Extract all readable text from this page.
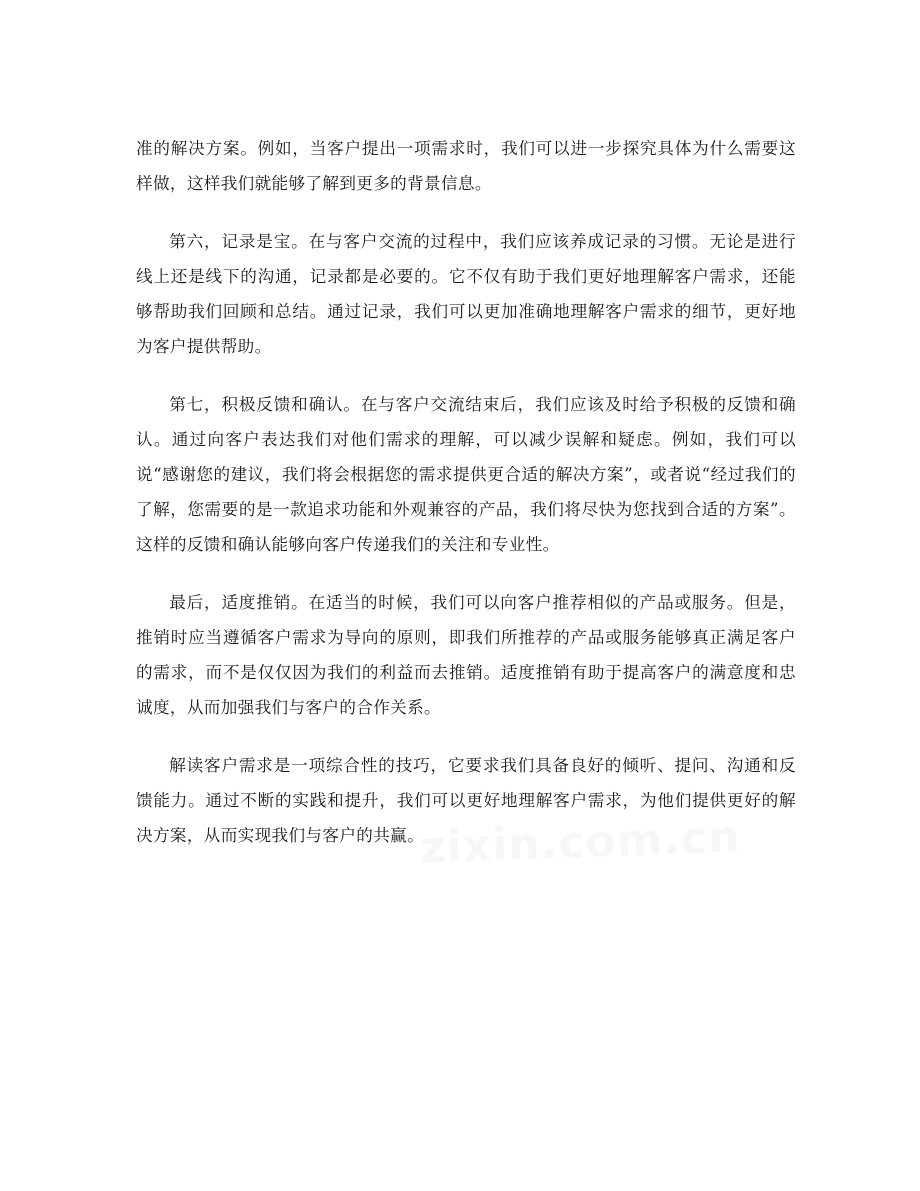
准的解决方案。例如，当客户提出一项需求时，我们可以进一步探究具体为什么需要这样做，这样我们就能够了解到更多的背景信息。

第六，记录是宝。在与客户交流的过程中，我们应该养成记录的习惯。无论是进行线上还是线下的沟通，记录都是必要的。它不仅有助于我们更好地理解客户需求，还能够帮助我们回顾和总结。通过记录，我们可以更加准确地理解客户需求的细节，更好地为客户提供帮助。

第七，积极反馈和确认。在与客户交流结束后，我们应该及时给予积极的反馈和确认。通过向客户表达我们对他们需求的理解，可以减少误解和疑虑。例如，我们可以说“感谢您的建议，我们将会根据您的需求提供更合适的解决方案”，或者说“经过我们的了解，您需要的是一款追求功能和外观兼容的产品，我们将尽快为您找到合适的方案”。这样的反馈和确认能够向客户传递我们的关注和专业性。

最后，适度推销。在适当的时候，我们可以向客户推荐相似的产品或服务。但是，推销时应当遵循客户需求为导向的原则，即我们所推荐的产品或服务能够真正满足客户的需求，而不是仅仅因为我们的利益而去推销。适度推销有助于提高客户的满意度和忠诚度，从而加强我们与客户的合作关系。

解读客户需求是一项综合性的技巧，它要求我们具备良好的倾听、提问、沟通和反馈能力。通过不断的实践和提升，我们可以更好地理解客户需求，为他们提供更好的解决方案，从而实现我们与客户的共赢。

zixin.com.cn
